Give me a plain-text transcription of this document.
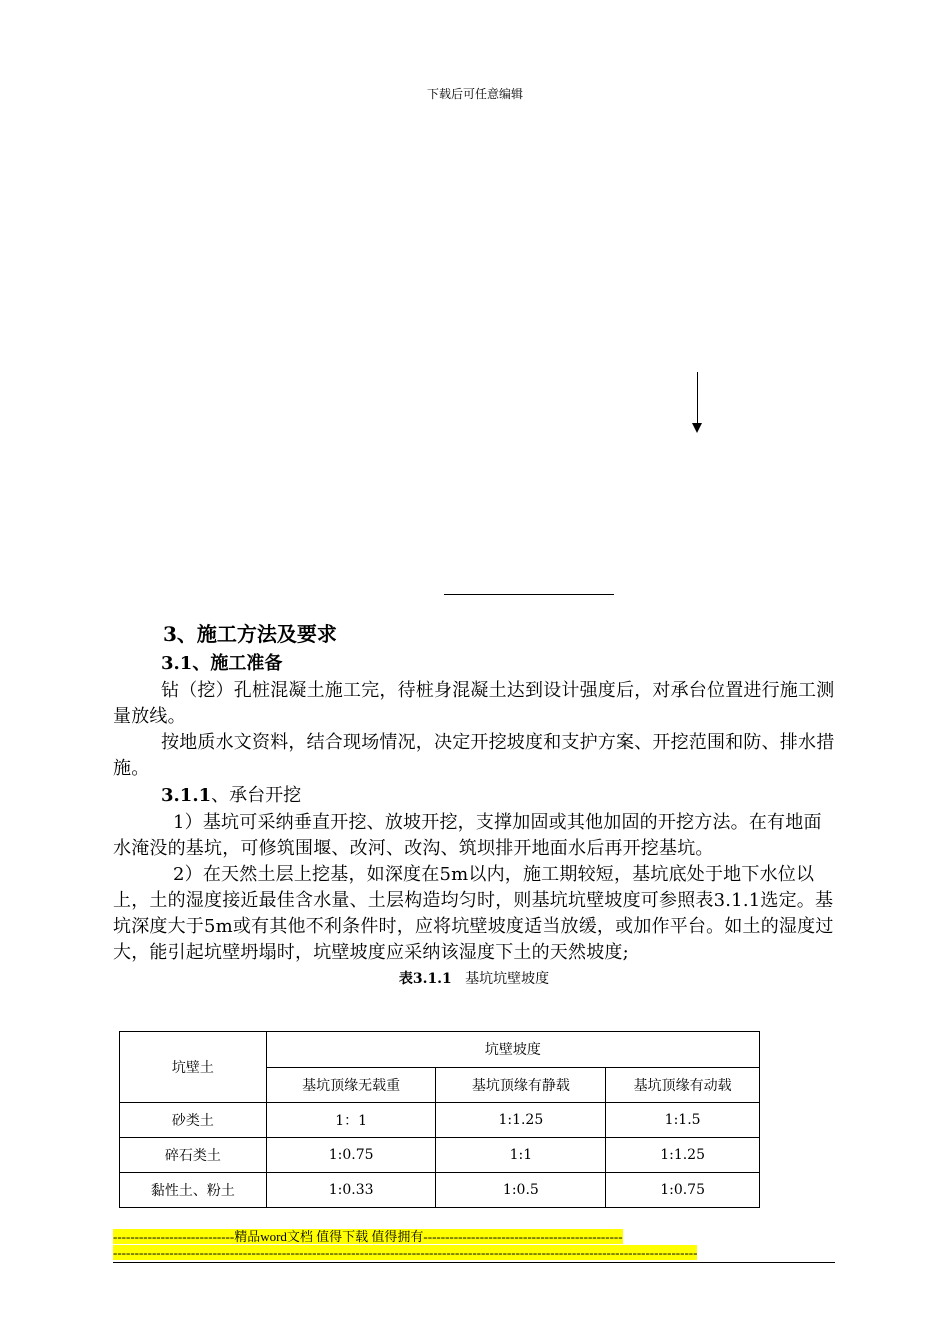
下载后可任意编辑
3、施工方法及要求
3.1、施工准备

钻（挖）孔桩混凝土施工完，待桩身混凝土达到设计强度后，对承台位置进行施工测量放线。

按地质水文资料，结合现场情况，决定开挖坡度和支护方案、开挖范围和防、排水措施。

3.1.1、承台开挖

1）基坑可采纳垂直开挖、放坡开挖，支撑加固或其他加固的开挖方法。在有地面水淹没的基坑，可修筑围堰、改河、改沟、筑坝排开地面水后再开挖基坑。

2）在天然土层上挖基，如深度在5m以内，施工期较短，基坑底处于地下水位以上，土的湿度接近最佳含水量、土层构造均匀时，则基坑坑壁坡度可参照表3.1.1选定。基坑深度大于5m或有其他不利条件时，应将坑壁坡度适当放缓，或加作平台。如土的湿度过大，能引起坑壁坍塌时，坑壁坡度应采纳该湿度下土的天然坡度;

表3.1.1 基坑坑壁坡度
坑壁土	坑壁坡度		
	基坑顶缘无载重	基坑顶缘有静载	基坑顶缘有动载
砂类土	1：1	1:1.25	1:1.5
碎石类土	1:0.75	1:1	1:1.25
黏性土、粉土	1:0.33	1:0.5	1:0.75
----------------------------精品word文档 值得下载 值得拥有----------------------------------------------
---------------------------------------------------------------------------------------------------------------------------------------
